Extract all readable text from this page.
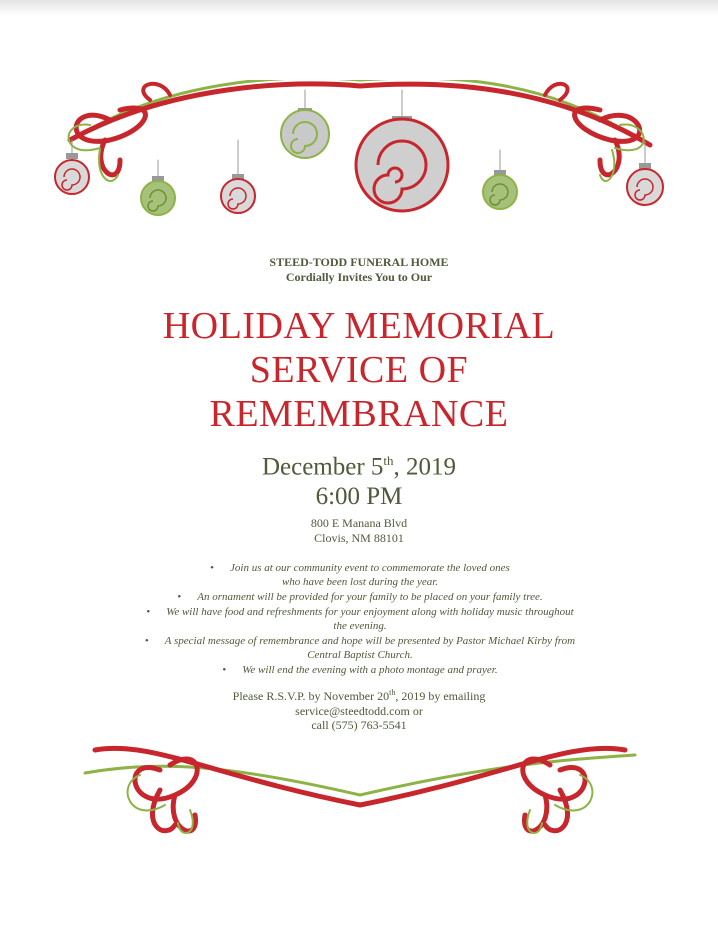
STEED-TODD FUNERAL HOME
Cordially Invites You to Our
HOLIDAY MEMORIAL
SERVICE OF
REMEMBRANCE
December 5th, 2019
6:00 PM
800 E Manana Blvd
Clovis, NM 88101
• Join us at our community event to commemorate the loved ones
who have been lost during the year.
• An ornament will be provided for your family to be placed on your family tree.
• We will have food and refreshments for your enjoyment along with holiday music throughout
the evening.
• A special message of remembrance and hope will be presented by Pastor Michael Kirby from
Central Baptist Church.
• We will end the evening with a photo montage and prayer.
Please R.S.V.P. by November 20th, 2019 by emailing
service@steedtodd.com or
call (575) 763-5541
